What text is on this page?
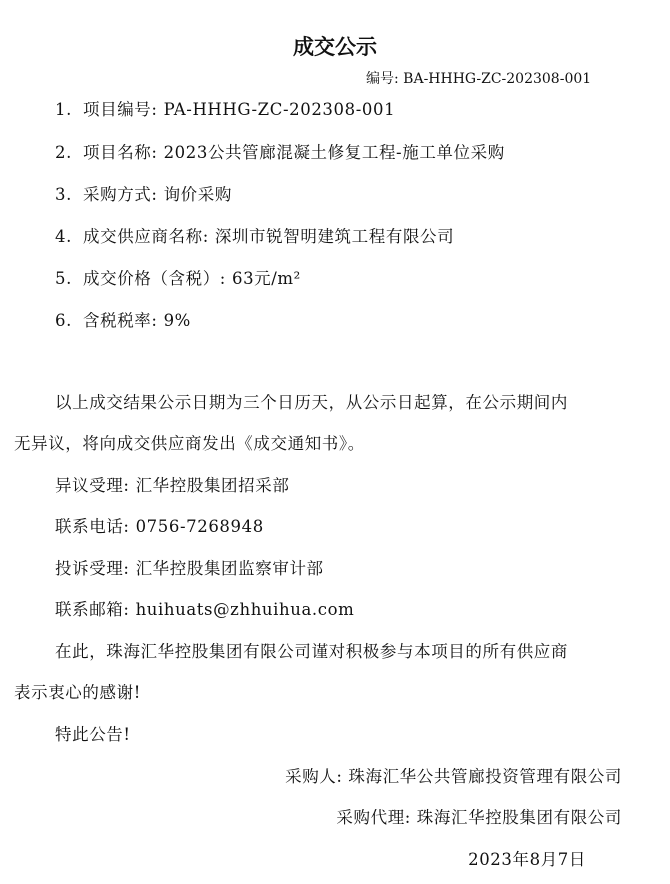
成交公示
编号: BA-HHHG-ZC-202308-001
1. 项目编号: PA-HHHG-ZC-202308-001
2. 项目名称: 2023公共管廊混凝土修复工程-施工单位采购
3. 采购方式: 询价采购
4. 成交供应商名称: 深圳市锐智明建筑工程有限公司
5. 成交价格（含税）: 63元/m²
6. 含税税率: 9%
以上成交结果公示日期为三个日历天，从公示日起算，在公示期间内
无异议，将向成交供应商发出《成交通知书》。
异议受理: 汇华控股集团招采部
联系电话: 0756-7268948
投诉受理: 汇华控股集团监察审计部
联系邮箱: huihuats@zhhuihua.com
在此，珠海汇华控股集团有限公司谨对积极参与本项目的所有供应商
表示衷心的感谢!
特此公告!
采购人: 珠海汇华公共管廊投资管理有限公司
采购代理: 珠海汇华控股集团有限公司
2023年8月7日
